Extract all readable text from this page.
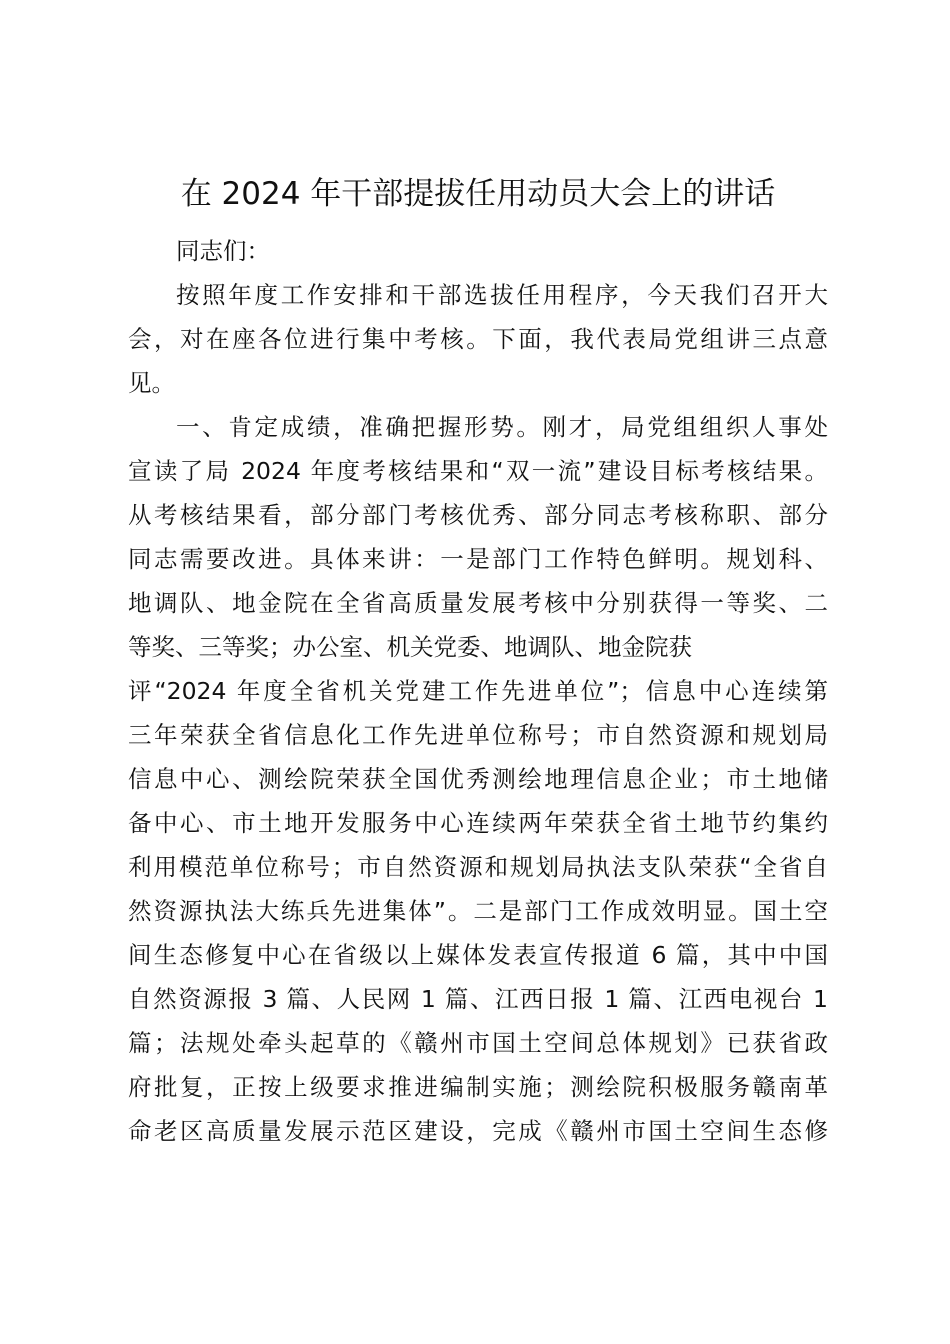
在 2024 年干部提拔任用动员大会上的讲话

同志们：

按照年度工作安排和干部选拔任用程序，今天我们召开大

会，对在座各位进行集中考核。下面，我代表局党组讲三点意

见。

一、肯定成绩，准确把握形势。刚才，局党组组织人事处

宣读了局 2024 年度考核结果和“双一流”建设目标考核结果。

从考核结果看，部分部门考核优秀、部分同志考核称职、部分

同志需要改进。具体来讲：一是部门工作特色鲜明。规划科、

地调队、地金院在全省高质量发展考核中分别获得一等奖、二

等奖、三等奖；办公室、机关党委、地调队、地金院获

评“2024 年度全省机关党建工作先进单位”；信息中心连续第

三年荣获全省信息化工作先进单位称号；市自然资源和规划局

信息中心、测绘院荣获全国优秀测绘地理信息企业；市土地储

备中心、市土地开发服务中心连续两年荣获全省土地节约集约

利用模范单位称号；市自然资源和规划局执法支队荣获“全省自

然资源执法大练兵先进集体”。二是部门工作成效明显。国土空

间生态修复中心在省级以上媒体发表宣传报道 6 篇，其中中国

自然资源报 3 篇、人民网 1 篇、江西日报 1 篇、江西电视台 1

篇；法规处牵头起草的《赣州市国土空间总体规划》已获省政

府批复，正按上级要求推进编制实施；测绘院积极服务赣南革

命老区高质量发展示范区建设，完成《赣州市国土空间生态修
